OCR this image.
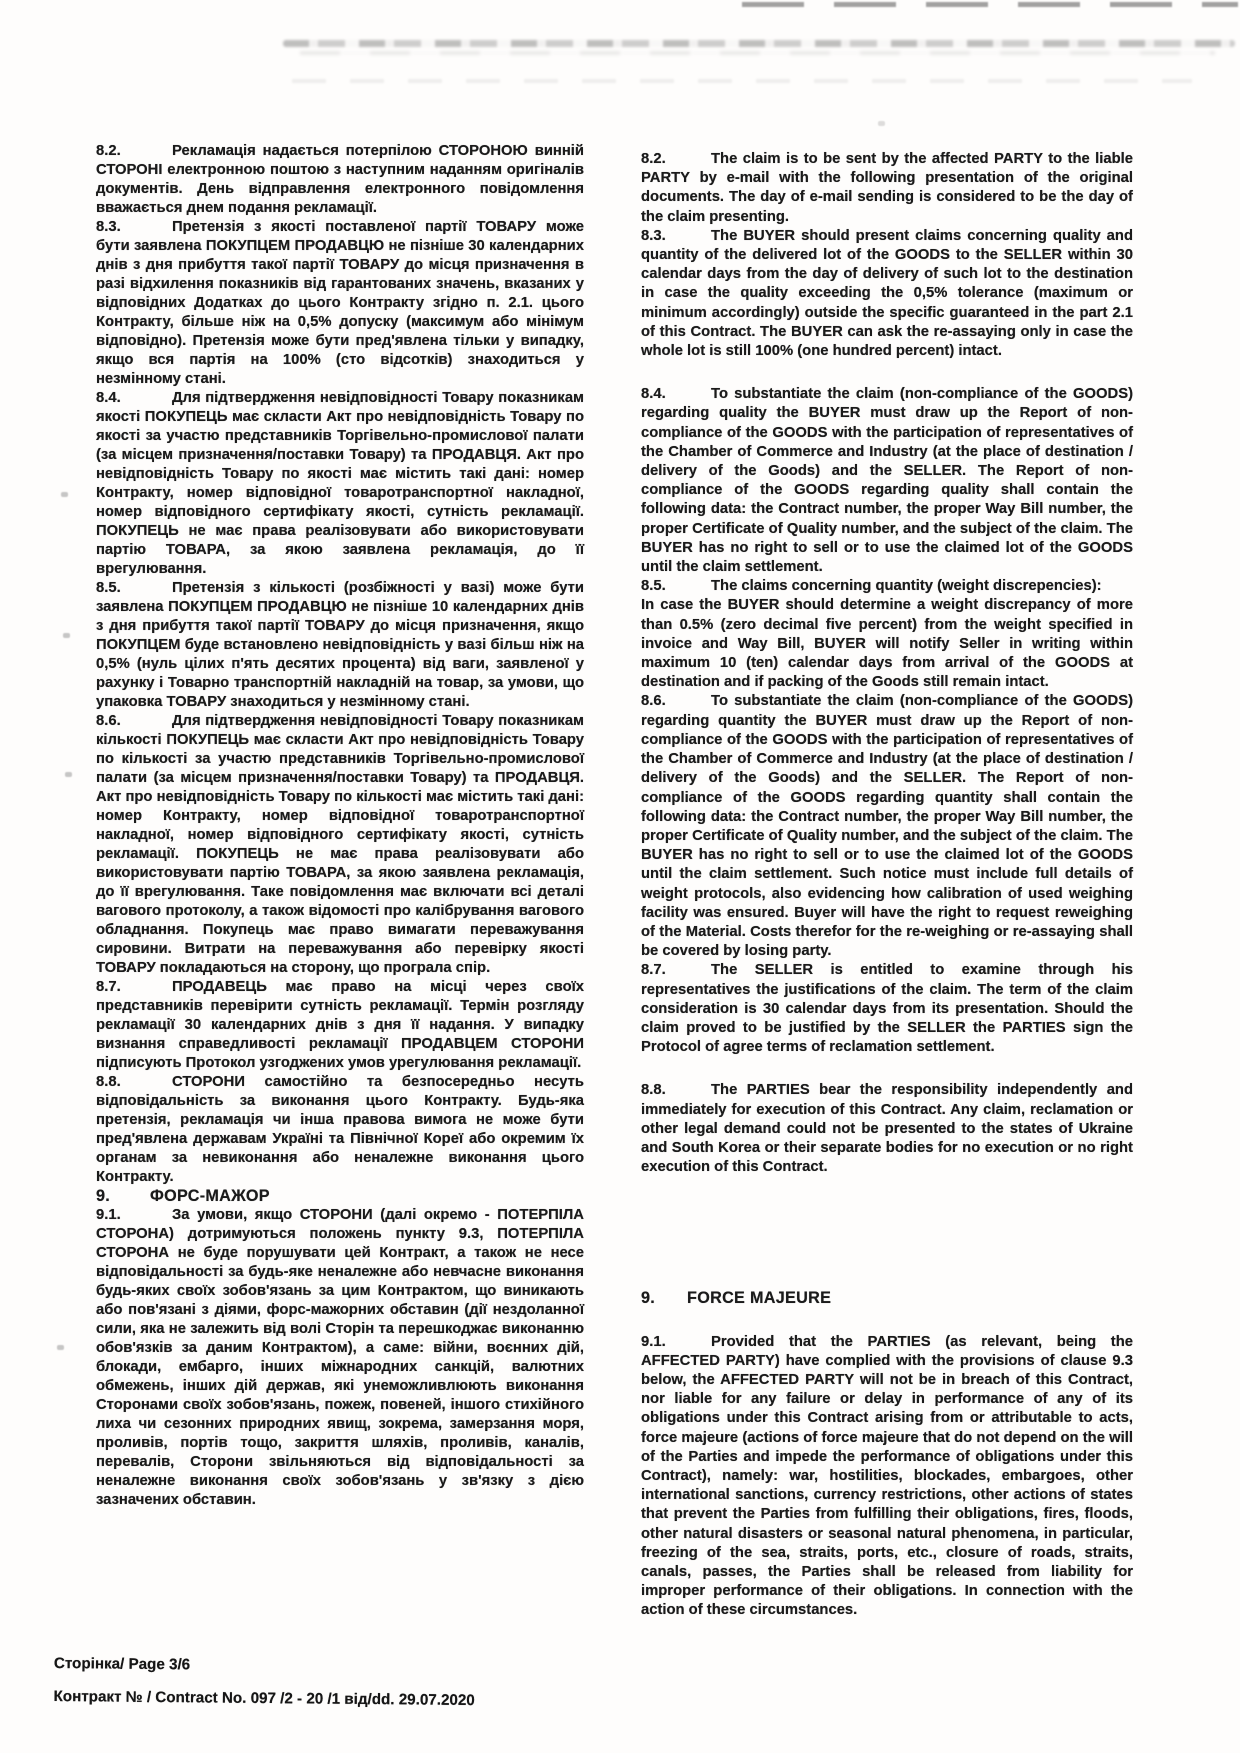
8.2.	Рекламація надається потерпілою СТОРОНОЮ винній СТОРОНІ електронною поштою з наступним наданням оригіналів документів. День відправлення електронного повідомлення вважається днем подання рекламації.

8.3.	Претензія з якості поставленої партії ТОВАРУ може бути заявлена ПОКУПЦЕМ ПРОДАВЦЮ не пізніше 30 календарних днів з дня прибуття такої партії ТОВАРУ до місця призначення в разі відхилення показників від гарантованих значень, вказаних у відповідних Додатках до цього Контракту згідно п. 2.1. цього Контракту, більше ніж на 0,5% допуску (максимум або мінімум відповідно). Претензія може бути пред'явлена тільки у випадку, якщо вся партія на 100% (сто відсотків) знаходиться у незмінному стані.

8.4.	Для підтвердження невідповідності Товару показникам якості ПОКУПЕЦЬ має скласти Акт про невідповідність Товару по якості за участю представників Торгівельно-промислової палати (за місцем призначення/поставки Товару) та ПРОДАВЦЯ. Акт про невідповідність Товару по якості має містить такі дані: номер Контракту, номер відповідної товаротранспортної накладної, номер відповідного сертифікату якості, сутність рекламації. ПОКУПЕЦЬ не має права реалізовувати або використовувати партію ТОВАРА, за якою заявлена рекламація, до її врегулювання.

8.5.	Претензія з кількості (розбіжності у вазі) може бути заявлена ПОКУПЦЕМ ПРОДАВЦЮ не пізніше 10 календарних днів з дня прибуття такої партії ТОВАРУ до місця призначення, якщо ПОКУПЦЕМ буде встановлено невідповідність у вазі більш ніж на 0,5% (нуль цілих п'ять десятих процента) від ваги, заявленої у рахунку і Товарно транспортній накладній на товар, за умови, що упаковка ТОВАРУ знаходиться у незмінному стані.

8.6.	Для підтвердження невідповідності Товару показникам кількості ПОКУПЕЦЬ має скласти Акт про невідповідність Товару по кількості за участю представників Торгівельно-промислової палати (за місцем призначення/поставки Товару) та ПРОДАВЦЯ. Акт про невідповідність Товару по кількості має містить такі дані: номер Контракту, номер відповідної товаротранспортної накладної, номер відповідного сертифікату якості, сутність рекламації. ПОКУПЕЦЬ не має права реалізовувати або використовувати партію ТОВАРА, за якою заявлена рекламація, до її врегулювання. Таке повідомлення має включати всі деталі вагового протоколу, а також відомості про калібрування вагового обладнання. Покупець має право вимагати переважування сировини. Витрати на переважування або перевірку якості ТОВАРУ покладаються на сторону, що програла спір.

8.7.	ПРОДАВЕЦЬ має право на місці через своїх представників перевірити сутність рекламації. Термін розгляду рекламації 30 календарних днів з дня її надання. У випадку визнання справедливості рекламації ПРОДАВЦЕМ СТОРОНИ підписують Протокол узгоджених умов урегулювання рекламації.

8.8.	СТОРОНИ самостійно та безпосередньо несуть відповідальність за виконання цього Контракту. Будь-яка претензія, рекламація чи інша правова вимога не може бути пред'явлена державам Україні та Північної Кореї або окремим їх органам за невиконання або неналежне виконання цього Контракту.

9. ФОРС-МАЖОР

9.1.	За умови, якщо СТОРОНИ (далі окремо - ПОТЕРПІЛА СТОРОНА) дотримуються положень пункту 9.3, ПОТЕРПІЛА СТОРОНА не буде порушувати цей Контракт, а також не несе відповідальності за будь-яке неналежне або невчасне виконання будь-яких своїх зобов'язань за цим Контрактом, що виникають або пов'язані з діями, форс-мажорних обставин (дії нездоланної сили, яка не залежить від волі Сторін та перешкоджає виконанню обов'язків за даним Контрактом), а саме: війни, воєнних дій, блокади, ембарго, інших міжнародних санкцій, валютних обмежень, інших дій держав, які унеможливлюють виконання Сторонами своїх зобов'язань, пожеж, повеней, іншого стихійного лиха чи сезонних природних явищ, зокрема, замерзання моря, проливів, портів тощо, закриття шляхів, проливів, каналів, перевалів, Сторони звільняються від відповідальності за неналежне виконання своїх зобов'язань у зв'язку з дією зазначених обставин.

8.2.	The claim is to be sent by the affected PARTY to the liable PARTY by e-mail with the following presentation of the original documents. The day of e-mail sending is considered to be the day of the claim presenting.

8.3.	The BUYER should present claims concerning quality and quantity of the delivered lot of the GOODS to the SELLER within 30 calendar days from the day of delivery of such lot to the destination in case the quality exceeding the 0,5% tolerance (maximum or minimum accordingly) outside the specific guaranteed in the part 2.1 of this Contract. The BUYER can ask the re-assaying only in case the whole lot is still 100% (one hundred percent) intact.

8.4.	To substantiate the claim (non-compliance of the GOODS) regarding quality the BUYER must draw up the Report of non-compliance of the GOODS with the participation of representatives of the Chamber of Commerce and Industry (at the place of destination / delivery of the Goods) and the SELLER. The Report of non-compliance of the GOODS regarding quality shall contain the following data: the Contract number, the proper Way Bill number, the proper Certificate of Quality number, and the subject of the claim. The BUYER has no right to sell or to use the claimed lot of the GOODS until the claim settlement.

8.5.	The claims concerning quantity (weight discrepencies):
In case the BUYER should determine a weight discrepancy of more than 0.5% (zero decimal five percent) from the weight specified in invoice and Way Bill, BUYER will notify Seller in writing within maximum 10 (ten) calendar days from arrival of the GOODS at destination and if packing of the Goods still remain intact.

8.6.	To substantiate the claim (non-compliance of the GOODS) regarding quantity the BUYER must draw up the Report of non-compliance of the GOODS with the participation of representatives of the Chamber of Commerce and Industry (at the place of destination / delivery of the Goods) and the SELLER. The Report of non-compliance of the GOODS regarding quantity shall contain the following data: the Contract number, the proper Way Bill number, the proper Certificate of Quality number, and the subject of the claim. The BUYER has no right to sell or to use the claimed lot of the GOODS until the claim settlement. Such notice must include full details of weight protocols, also evidencing how calibration of used weighing facility was ensured. Buyer will have the right to request reweighing of the Material. Costs therefor for the re-weighing or re-assaying shall be covered by losing party.

8.7.	The SELLER is entitled to examine through his representatives the justifications of the claim. The term of the claim consideration is 30 calendar days from its presentation. Should the claim proved to be justified by the SELLER the PARTIES sign the Protocol of agree terms of reclamation settlement.

8.8.	The PARTIES bear the responsibility independently and immediately for execution of this Contract. Any claim, reclamation or other legal demand could not be presented to the states of Ukraine and South Korea or their separate bodies for no execution or no right execution of this Contract.

9. FORCE MAJEURE

9.1.	Provided that the PARTIES (as relevant, being the AFFECTED PARTY) have complied with the provisions of clause 9.3 below, the AFFECTED PARTY will not be in breach of this Contract, nor liable for any failure or delay in performance of any of its obligations under this Contract arising from or attributable to acts, force majeure (actions of force majeure that do not depend on the will of the Parties and impede the performance of obligations under this Contract), namely: war, hostilities, blockades, embargoes, other international sanctions, currency restrictions, other actions of states that prevent the Parties from fulfilling their obligations, fires, floods, other natural disasters or seasonal natural phenomena, in particular, freezing of the sea, straits, ports, etc., closure of roads, straits, canals, passes, the Parties shall be released from liability for improper performance of their obligations. In connection with the action of these circumstances.

Сторінка/ Page 3/6
Контракт № / Contract No. 097 /2 - 20 /1 від/dd. 29.07.2020
